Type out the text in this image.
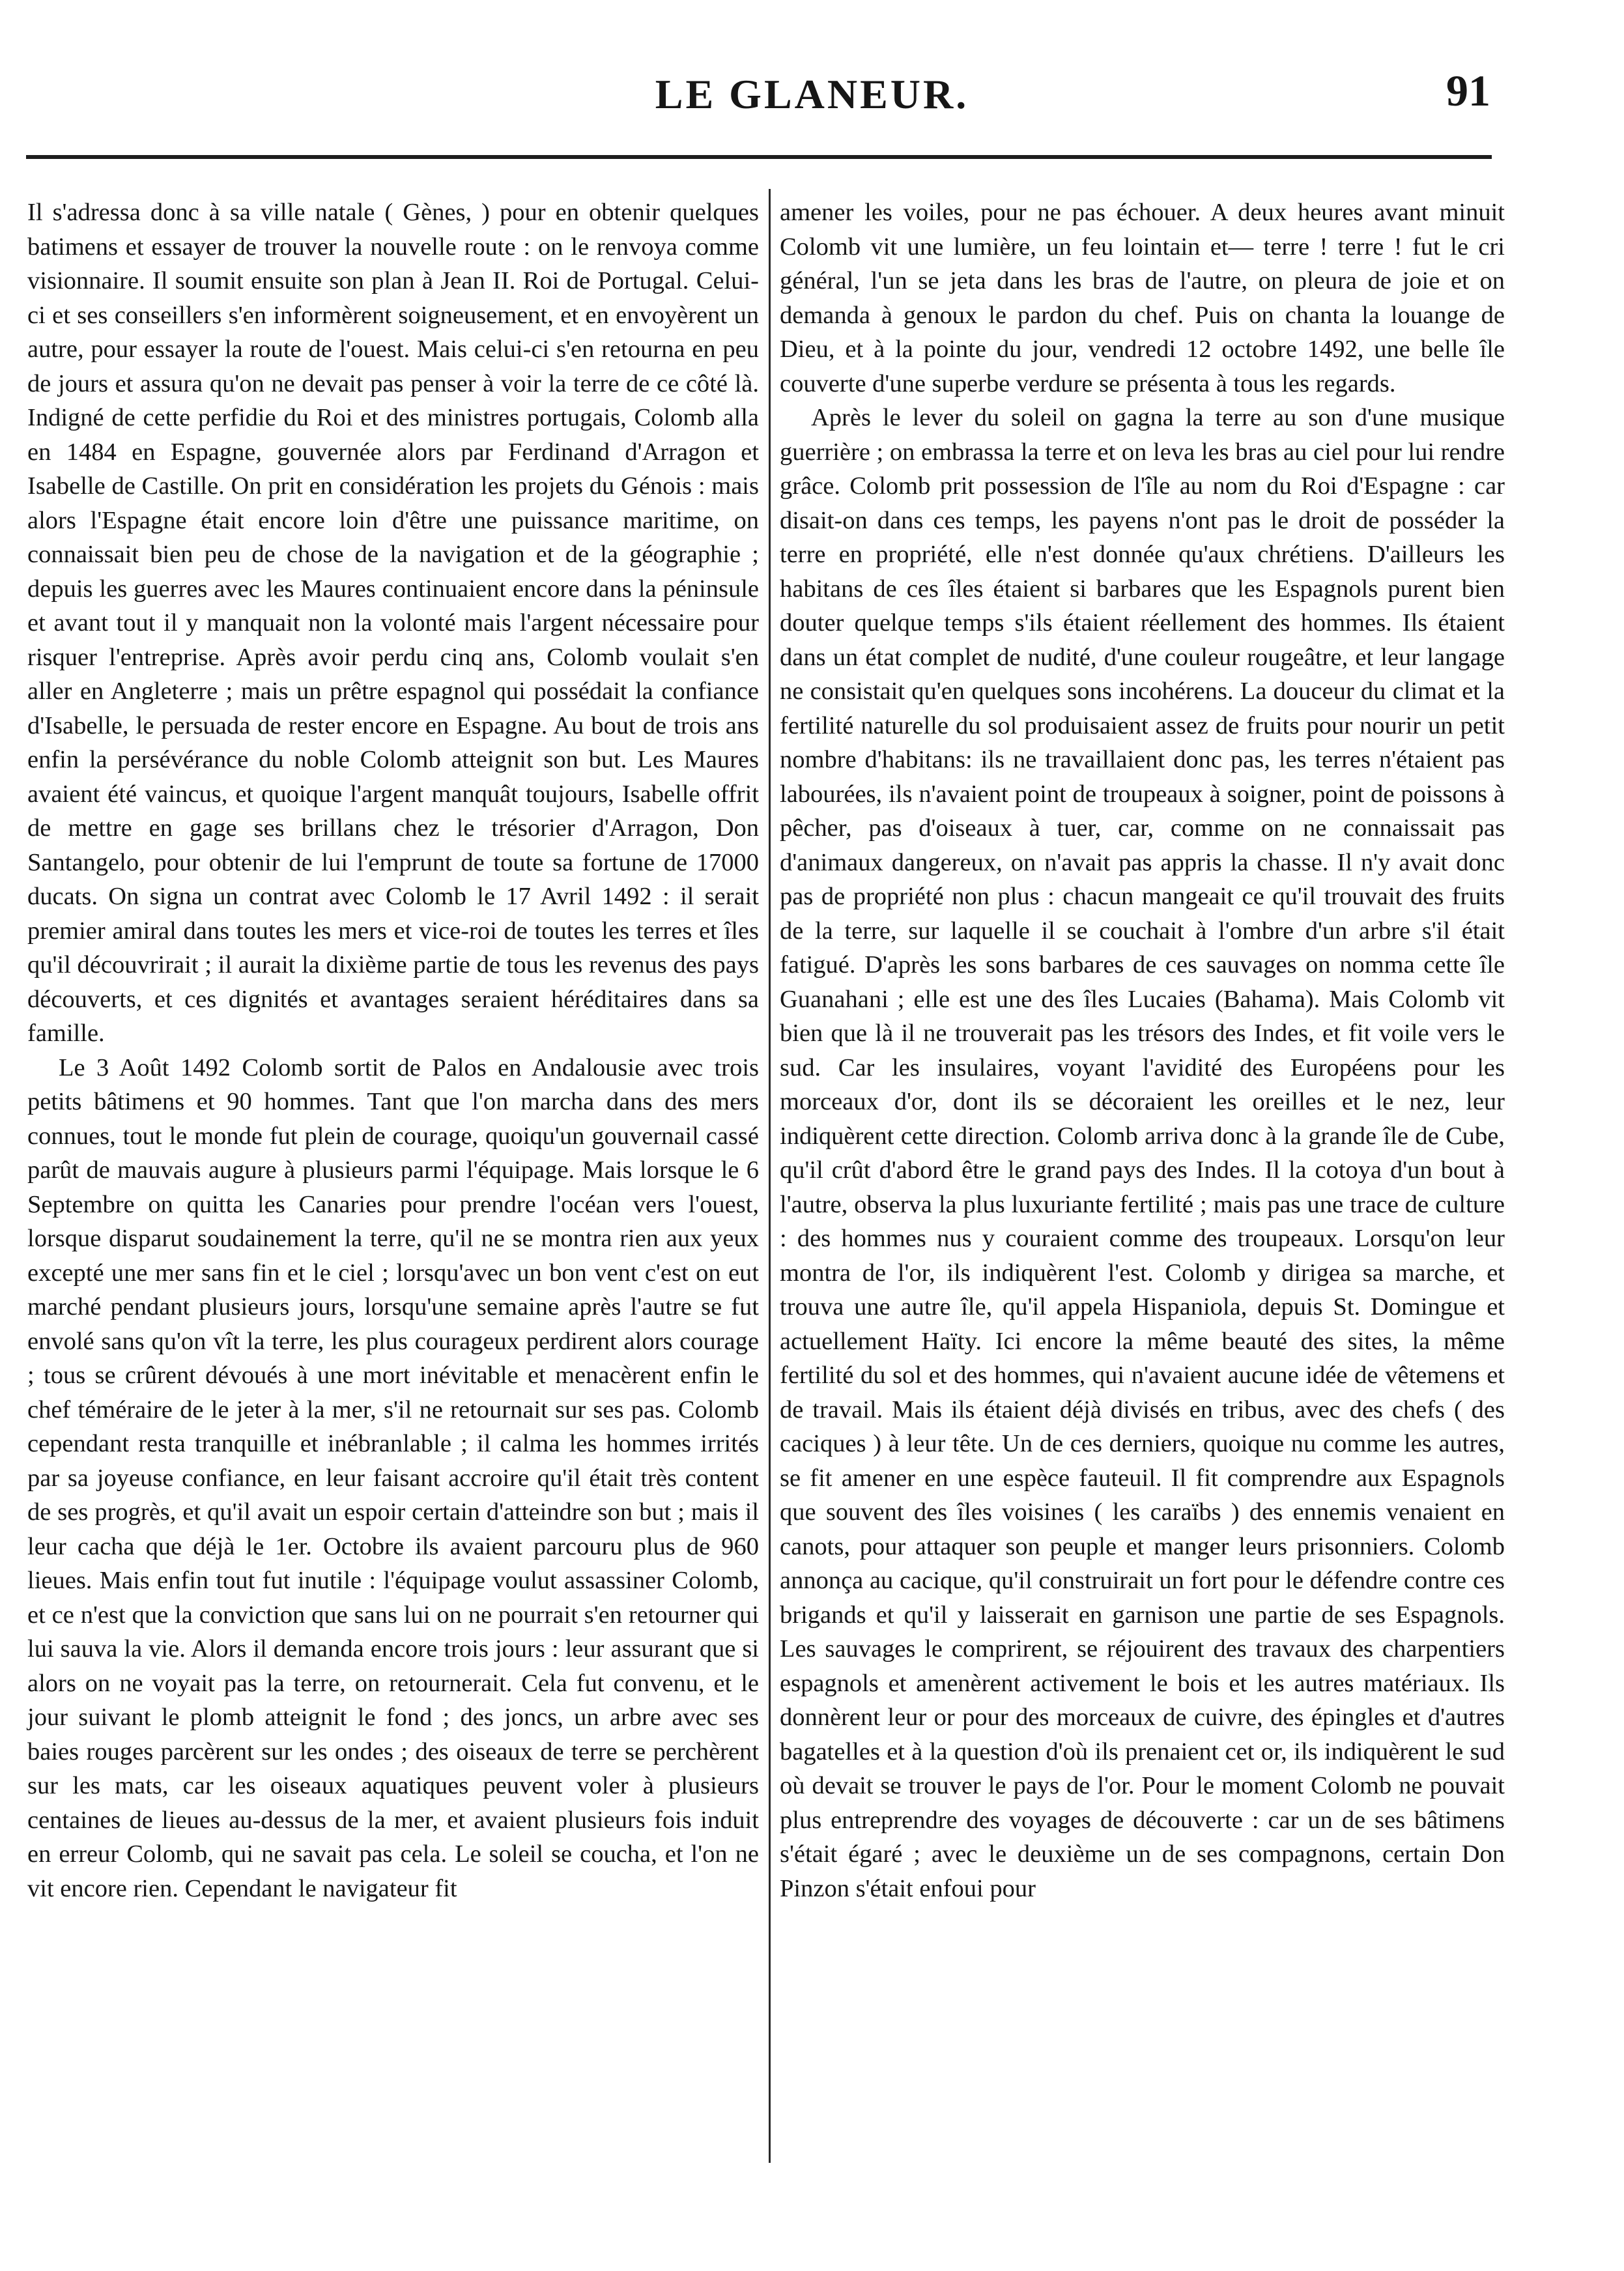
LE GLANEUR.	91

Il s'adressa donc à sa ville natale ( Gènes, ) pour en obtenir quelques batimens et essayer de trouver la nouvelle route : on le renvoya comme visionnaire. Il soumit ensuite son plan à Jean II. Roi de Portugal. Celui-ci et ses conseillers s'en informèrent soigneusement, et en envoyèrent un autre, pour essayer la route de l'ouest. Mais celui-ci s'en retourna en peu de jours et assura qu'on ne devait pas penser à voir la terre de ce côté là. Indigné de cette perfidie du Roi et des ministres portugais, Colomb alla en 1484 en Espagne, gouvernée alors par Ferdinand d'Arragon et Isabelle de Castille. On prit en considération les projets du Génois : mais alors l'Espagne était encore loin d'être une puissance maritime, on connaissait bien peu de chose de la navigation et de la géographie ; depuis les guerres avec les Maures continuaient encore dans la péninsule et avant tout il y manquait non la volonté mais l'argent nécessaire pour risquer l'entreprise. Après avoir perdu cinq ans, Colomb voulait s'en aller en Angleterre ; mais un prêtre espagnol qui possédait la confiance d'Isabelle, le persuada de rester encore en Espagne. Au bout de trois ans enfin la persévérance du noble Colomb atteignit son but. Les Maures avaient été vaincus, et quoique l'argent manquât toujours, Isabelle offrit de mettre en gage ses brillans chez le trésorier d'Arragon, Don Santangelo, pour obtenir de lui l'emprunt de toute sa fortune de 17000 ducats. On signa un contrat avec Colomb le 17 Avril 1492 : il serait premier amiral dans toutes les mers et vice-roi de toutes les terres et îles qu'il découvrirait ; il aurait la dixième partie de tous les revenus des pays découverts, et ces dignités et avantages seraient héréditaires dans sa famille.

Le 3 Août 1492 Colomb sortit de Palos en Andalousie avec trois petits bâtimens et 90 hommes. Tant que l'on marcha dans des mers connues, tout le monde fut plein de courage, quoiqu'un gouvernail cassé parût de mauvais augure à plusieurs parmi l'équipage. Mais lorsque le 6 Septembre on quitta les Canaries pour prendre l'océan vers l'ouest, lorsque disparut soudainement la terre, qu'il ne se montra rien aux yeux excepté une mer sans fin et le ciel ; lorsqu'avec un bon vent c'est on eut marché pendant plusieurs jours, lorsqu'une semaine après l'autre se fut envolé sans qu'on vît la terre, les plus courageux perdirent alors courage ; tous se crûrent dévoués à une mort inévitable et menacèrent enfin le chef téméraire de le jeter à la mer, s'il ne retournait sur ses pas. Colomb cependant resta tranquille et inébranlable ; il calma les hommes irrités par sa joyeuse confiance, en leur faisant accroire qu'il était très content de ses progrès, et qu'il avait un espoir certain d'atteindre son but ; mais il leur cacha que déjà le 1er. Octobre ils avaient parcouru plus de 960 lieues. Mais enfin tout fut inutile : l'équipage voulut assassiner Colomb, et ce n'est que la conviction que sans lui on ne pourrait s'en retourner qui lui sauva la vie. Alors il demanda encore trois jours : leur assurant que si alors on ne voyait pas la terre, on retournerait. Cela fut convenu, et le jour suivant le plomb atteignit le fond ; des joncs, un arbre avec ses baies rouges parcèrent sur les ondes ; des oiseaux de terre se perchèrent sur les mats, car les oiseaux aquatiques peuvent voler à plusieurs centaines de lieues au-dessus de la mer, et avaient plusieurs fois induit en erreur Colomb, qui ne savait pas cela. Le soleil se coucha, et l'on ne vit encore rien. Cependant le navigateur fit

amener les voiles, pour ne pas échouer. A deux heures avant minuit Colomb vit une lumière, un feu lointain et— terre ! terre ! fut le cri général, l'un se jeta dans les bras de l'autre, on pleura de joie et on demanda à genoux le pardon du chef. Puis on chanta la louange de Dieu, et à la pointe du jour, vendredi 12 octobre 1492, une belle île couverte d'une superbe verdure se présenta à tous les regards.

Après le lever du soleil on gagna la terre au son d'une musique guerrière ; on embrassa la terre et on leva les bras au ciel pour lui rendre grâce. Colomb prit possession de l'île au nom du Roi d'Espagne : car disait-on dans ces temps, les payens n'ont pas le droit de posséder la terre en propriété, elle n'est donnée qu'aux chrétiens. D'ailleurs les habitans de ces îles étaient si barbares que les Espagnols purent bien douter quelque temps s'ils étaient réellement des hommes. Ils étaient dans un état complet de nudité, d'une couleur rougeâtre, et leur langage ne consistait qu'en quelques sons incohérens. La douceur du climat et la fertilité naturelle du sol produisaient assez de fruits pour nourir un petit nombre d'habitans: ils ne travaillaient donc pas, les terres n'étaient pas labourées, ils n'avaient point de troupeaux à soigner, point de poissons à pêcher, pas d'oiseaux à tuer, car, comme on ne connaissait pas d'animaux dangereux, on n'avait pas appris la chasse. Il n'y avait donc pas de propriété non plus : chacun mangeait ce qu'il trouvait des fruits de la terre, sur laquelle il se couchait à l'ombre d'un arbre s'il était fatigué. D'après les sons barbares de ces sauvages on nomma cette île Guanahani ; elle est une des îles Lucaies (Bahama). Mais Colomb vit bien que là il ne trouverait pas les trésors des Indes, et fit voile vers le sud. Car les insulaires, voyant l'avidité des Européens pour les morceaux d'or, dont ils se décoraient les oreilles et le nez, leur indiquèrent cette direction. Colomb arriva donc à la grande île de Cube, qu'il crût d'abord être le grand pays des Indes. Il la cotoya d'un bout à l'autre, observa la plus luxuriante fertilité ; mais pas une trace de culture : des hommes nus y couraient comme des troupeaux. Lorsqu'on leur montra de l'or, ils indiquèrent l'est. Colomb y dirigea sa marche, et trouva une autre île, qu'il appela Hispaniola, depuis St. Domingue et actuellement Haïty. Ici encore la même beauté des sites, la même fertilité du sol et des hommes, qui n'avaient aucune idée de vêtemens et de travail. Mais ils étaient déjà divisés en tribus, avec des chefs ( des caciques ) à leur tête. Un de ces derniers, quoique nu comme les autres, se fit amener en une espèce fauteuil. Il fit comprendre aux Espagnols que souvent des îles voisines ( les caraïbs ) des ennemis venaient en canots, pour attaquer son peuple et manger leurs prisonniers. Colomb annonça au cacique, qu'il construirait un fort pour le défendre contre ces brigands et qu'il y laisserait en garnison une partie de ses Espagnols. Les sauvages le comprirent, se réjouirent des travaux des charpentiers espagnols et amenèrent activement le bois et les autres matériaux. Ils donnèrent leur or pour des morceaux de cuivre, des épingles et d'autres bagatelles et à la question d'où ils prenaient cet or, ils indiquèrent le sud où devait se trouver le pays de l'or. Pour le moment Colomb ne pouvait plus entreprendre des voyages de découverte : car un de ses bâtimens s'était égaré ; avec le deuxième un de ses compagnons, certain Don Pinzon s'était enfoui pour
